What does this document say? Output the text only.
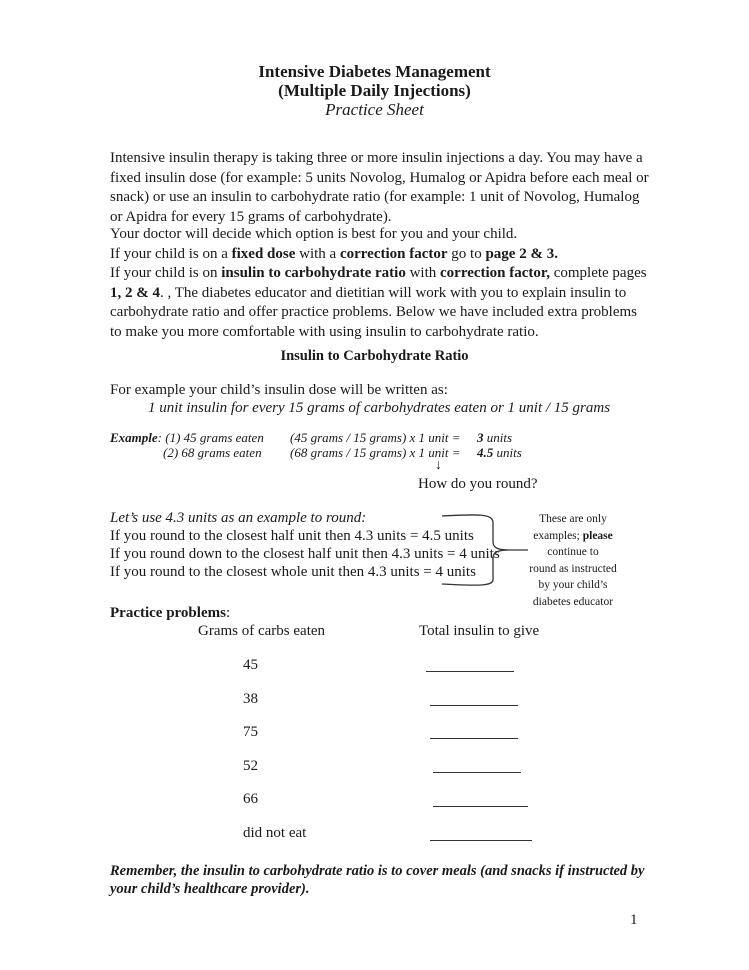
Intensive Diabetes Management
(Multiple Daily Injections)
Practice Sheet
Intensive insulin therapy is taking three or more insulin injections a day. You may have a fixed insulin dose (for example: 5 units Novolog, Humalog or Apidra before each meal or snack) or use an insulin to carbohydrate ratio (for example: 1 unit of Novolog, Humalog or Apidra for every 15 grams of carbohydrate).
Your doctor will decide which option is best for you and your child.
If your child is on a fixed dose with a correction factor go to page 2 & 3.
If your child is on insulin to carbohydrate ratio with correction factor, complete pages 1, 2 & 4. , The diabetes educator and dietitian will work with you to explain insulin to carbohydrate ratio and offer practice problems. Below we have included extra problems to make you more comfortable with using insulin to carbohydrate ratio.
Insulin to Carbohydrate Ratio
For example your child’s insulin dose will be written as:
1 unit insulin for every 15 grams of carbohydrates eaten or 1 unit / 15 grams
Example: (1) 45 grams eaten
(2) 68 grams eaten
(45 grams / 15 grams) x 1 unit =
(68 grams / 15 grams) x 1 unit =
3 units
4.5 units
↓
How do you round?
Let’s use 4.3 units as an example to round:
If you round to the closest half unit then 4.3 units = 4.5 units
If you round down to the closest half unit then 4.3 units = 4 units
If you round to the closest whole unit then 4.3 units = 4 units
These are only
examples; please
continue to
round as instructed
by your child’s
diabetes educator
Practice problems:
Grams of carbs eaten	Total insulin to give
45
38
75
52
66
did not eat
Remember, the insulin to carbohydrate ratio is to cover meals (and snacks if instructed by your child’s healthcare provider).
1
